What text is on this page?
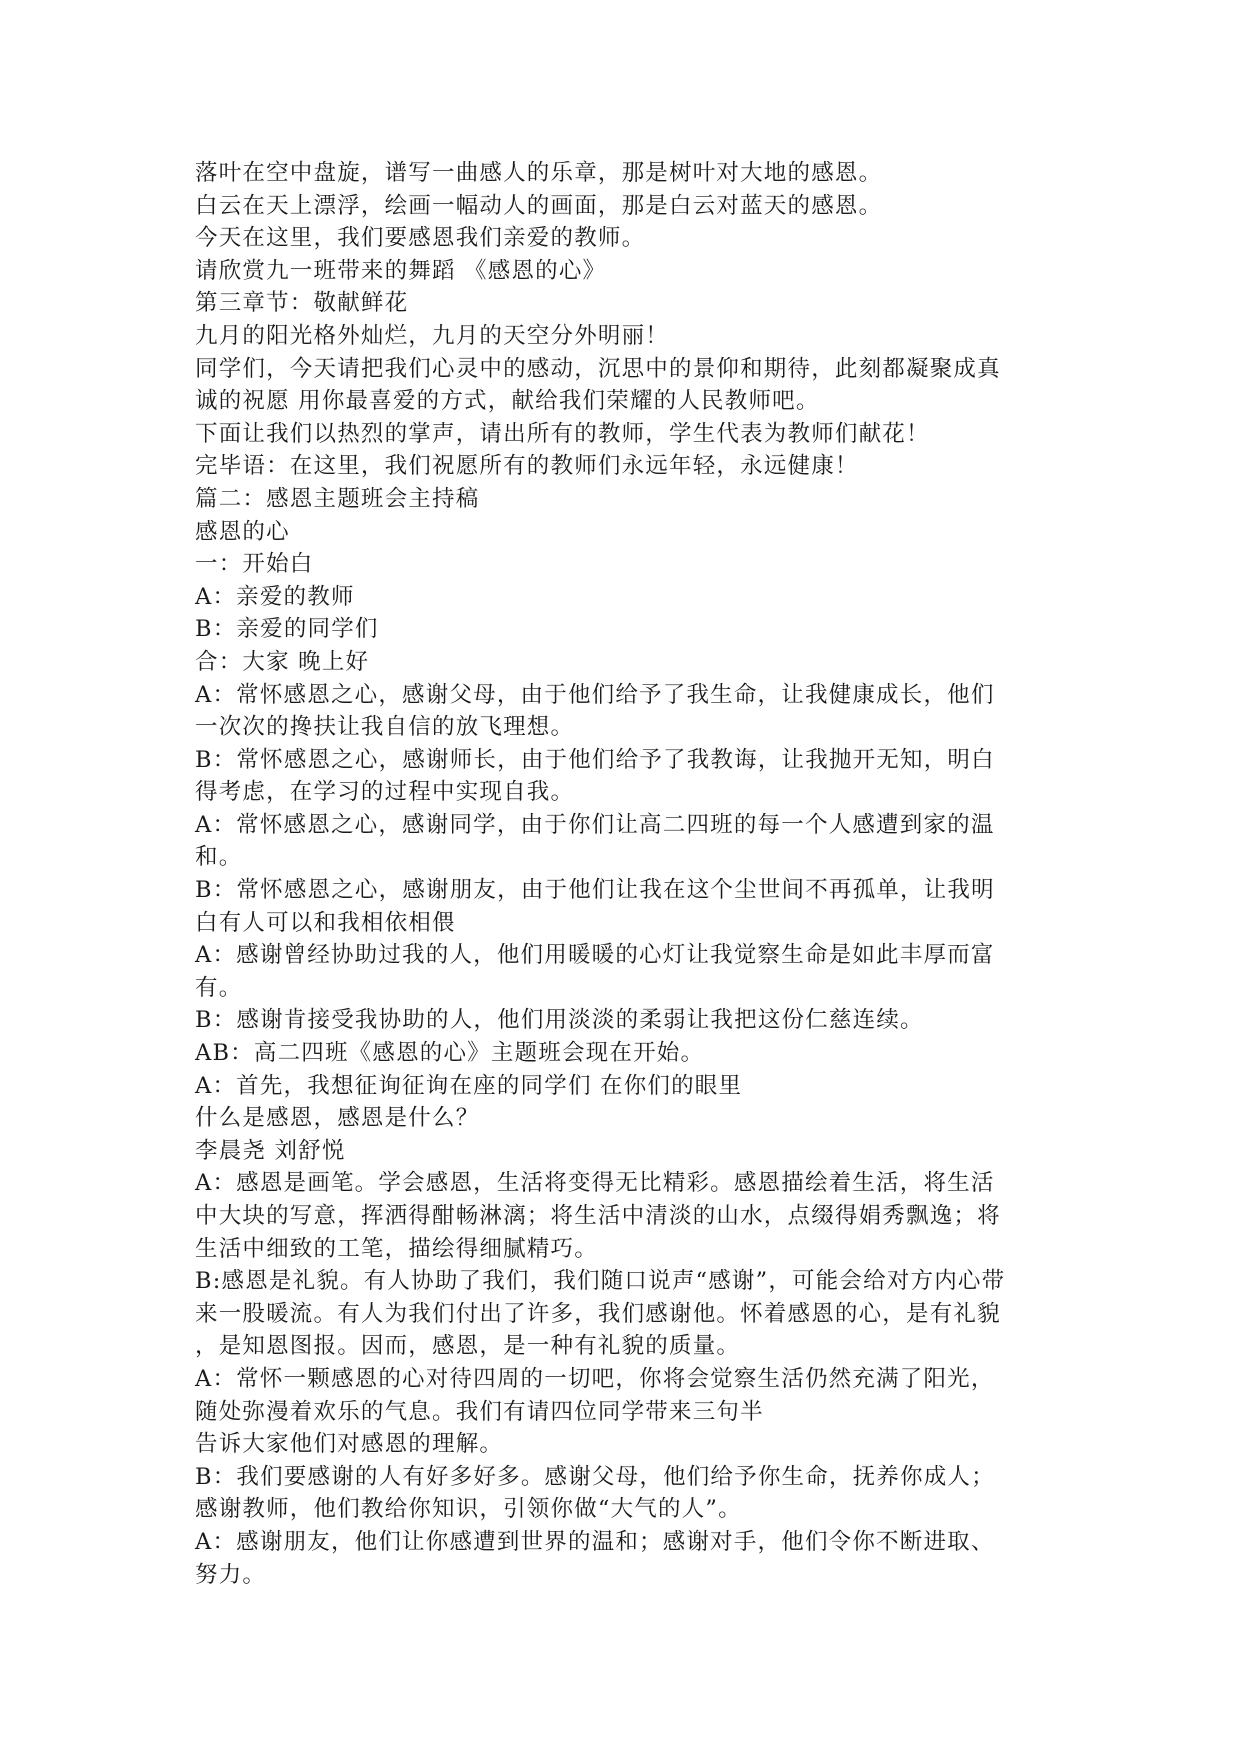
落叶在空中盘旋，谱写一曲感人的乐章，那是树叶对大地的感恩。
白云在天上漂浮，绘画一幅动人的画面，那是白云对蓝天的感恩。
今天在这里，我们要感恩我们亲爱的教师。
请欣赏九一班带来的舞蹈 《感恩的心》
第三章节：敬献鲜花
九月的阳光格外灿烂，九月的天空分外明丽！
同学们，今天请把我们心灵中的感动，沉思中的景仰和期待，此刻都凝聚成真
诚的祝愿 用你最喜爱的方式，献给我们荣耀的人民教师吧。
下面让我们以热烈的掌声，请出所有的教师，学生代表为教师们献花！
完毕语：在这里，我们祝愿所有的教师们永远年轻，永远健康！
篇二：感恩主题班会主持稿
感恩的心
一：开始白
A：亲爱的教师
B：亲爱的同学们
合：大家 晚上好
A：常怀感恩之心，感谢父母，由于他们给予了我生命，让我健康成长，他们
一次次的搀扶让我自信的放飞理想。
B：常怀感恩之心，感谢师长，由于他们给予了我教诲，让我抛开无知，明白
得考虑，在学习的过程中实现自我。
A：常怀感恩之心，感谢同学，由于你们让高二四班的每一个人感遭到家的温
和。
B：常怀感恩之心，感谢朋友，由于他们让我在这个尘世间不再孤单，让我明
白有人可以和我相依相偎
A：感谢曾经协助过我的人，他们用暖暖的心灯让我觉察生命是如此丰厚而富
有。
B：感谢肯接受我协助的人，他们用淡淡的柔弱让我把这份仁慈连续。
AB：高二四班《感恩的心》主题班会现在开始。
A：首先，我想征询征询在座的同学们 在你们的眼里
什么是感恩，感恩是什么？
李晨尧 刘舒悦
A：感恩是画笔。学会感恩，生活将变得无比精彩。感恩描绘着生活，将生活
中大块的写意，挥洒得酣畅淋漓；将生活中清淡的山水，点缀得娟秀飘逸；将
生活中细致的工笔，描绘得细腻精巧。
B:感恩是礼貌。有人协助了我们，我们随口说声“感谢”，可能会给对方内心带
来一股暖流。有人为我们付出了许多，我们感谢他。怀着感恩的心，是有礼貌
，是知恩图报。因而，感恩，是一种有礼貌的质量。
A：常怀一颗感恩的心对待四周的一切吧，你将会觉察生活仍然充满了阳光，
随处弥漫着欢乐的气息。我们有请四位同学带来三句半
告诉大家他们对感恩的理解。
B：我们要感谢的人有好多好多。感谢父母，他们给予你生命，抚养你成人；
感谢教师，他们教给你知识，引领你做“大气的人”。
A：感谢朋友，他们让你感遭到世界的温和；感谢对手，他们令你不断进取、
努力。
